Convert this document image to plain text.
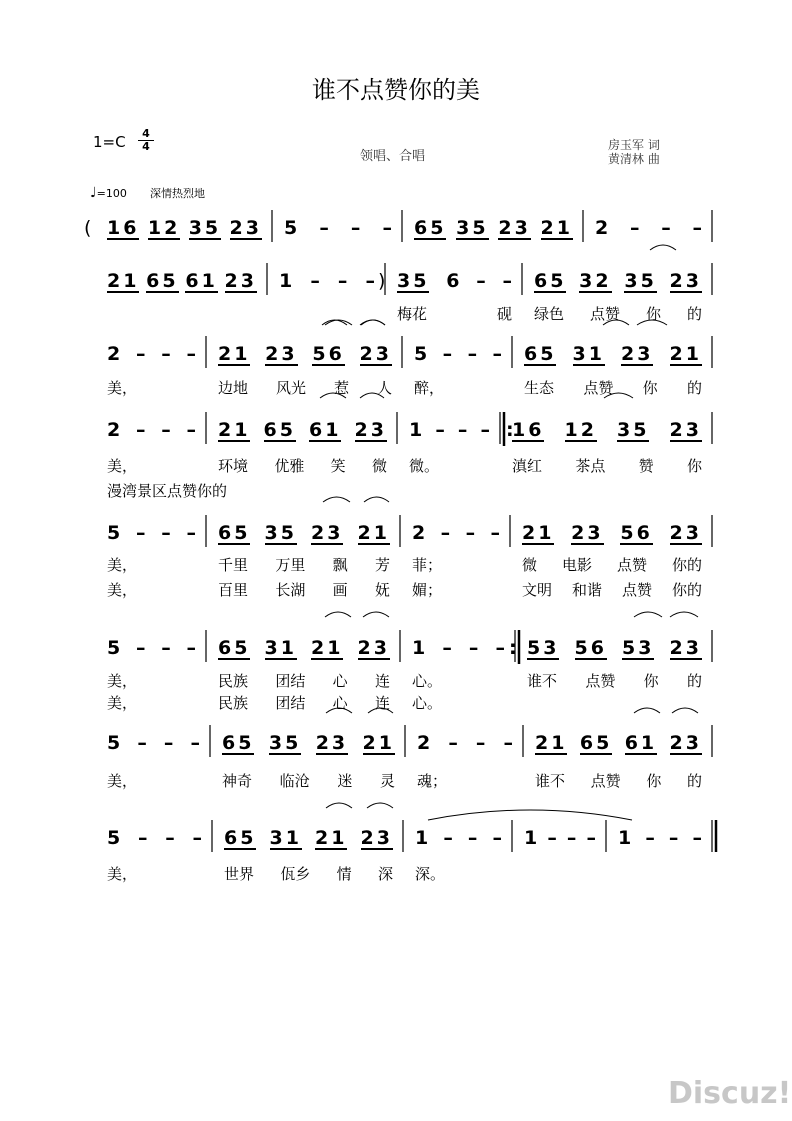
谁不点赞你的美
1=C	4
4
领唱、合唱
房玉军 词
黄清林 曲
♩=100 深情热烈地
16 12 35 23 5 – – – 65 35 23 21 2 – – –
21 65 61 23 1 – – – 35 6 – – 65 32 35 23
梅花	砚 绿色 点赞 你 的
2 – – – 21 23 56 23 5 – – – 65 31 23 21
美，	边地 风光 惹 人 醉，	生态 点赞 你 的
2 – – – 21 65 61 23 1 – – – 16 12 35 23
美，	环境 优雅 笑 微 微。	滇红 茶点 赞 你
漫湾 景区 点赞 你的
5 – – – 65 35 23 21 2 – – – 21 23 56 23
美，	千里 万里 飘 芳 菲；	微 电影 点赞 你的
美，	百里 长湖 画 妩 媚；	文明 和谐 点赞 你的
5 – – – 65 31 21 23 1 – – – 53 56 53 23
美，	民族 团结 心 连 心。	谁不 点赞 你 的
美，	民族 团结 心 连 心。
5 – – – 65 35 23 21 2 – – – 21 65 61 23
美，	神奇 临沧 迷 灵 魂；	谁不 点赞 你 的
5 – – – 65 31 21 23 1 – – – 1 – – – 1 – – –
美，	世界 佤乡 情 深 深。
(
)
:
:
Discuz!
